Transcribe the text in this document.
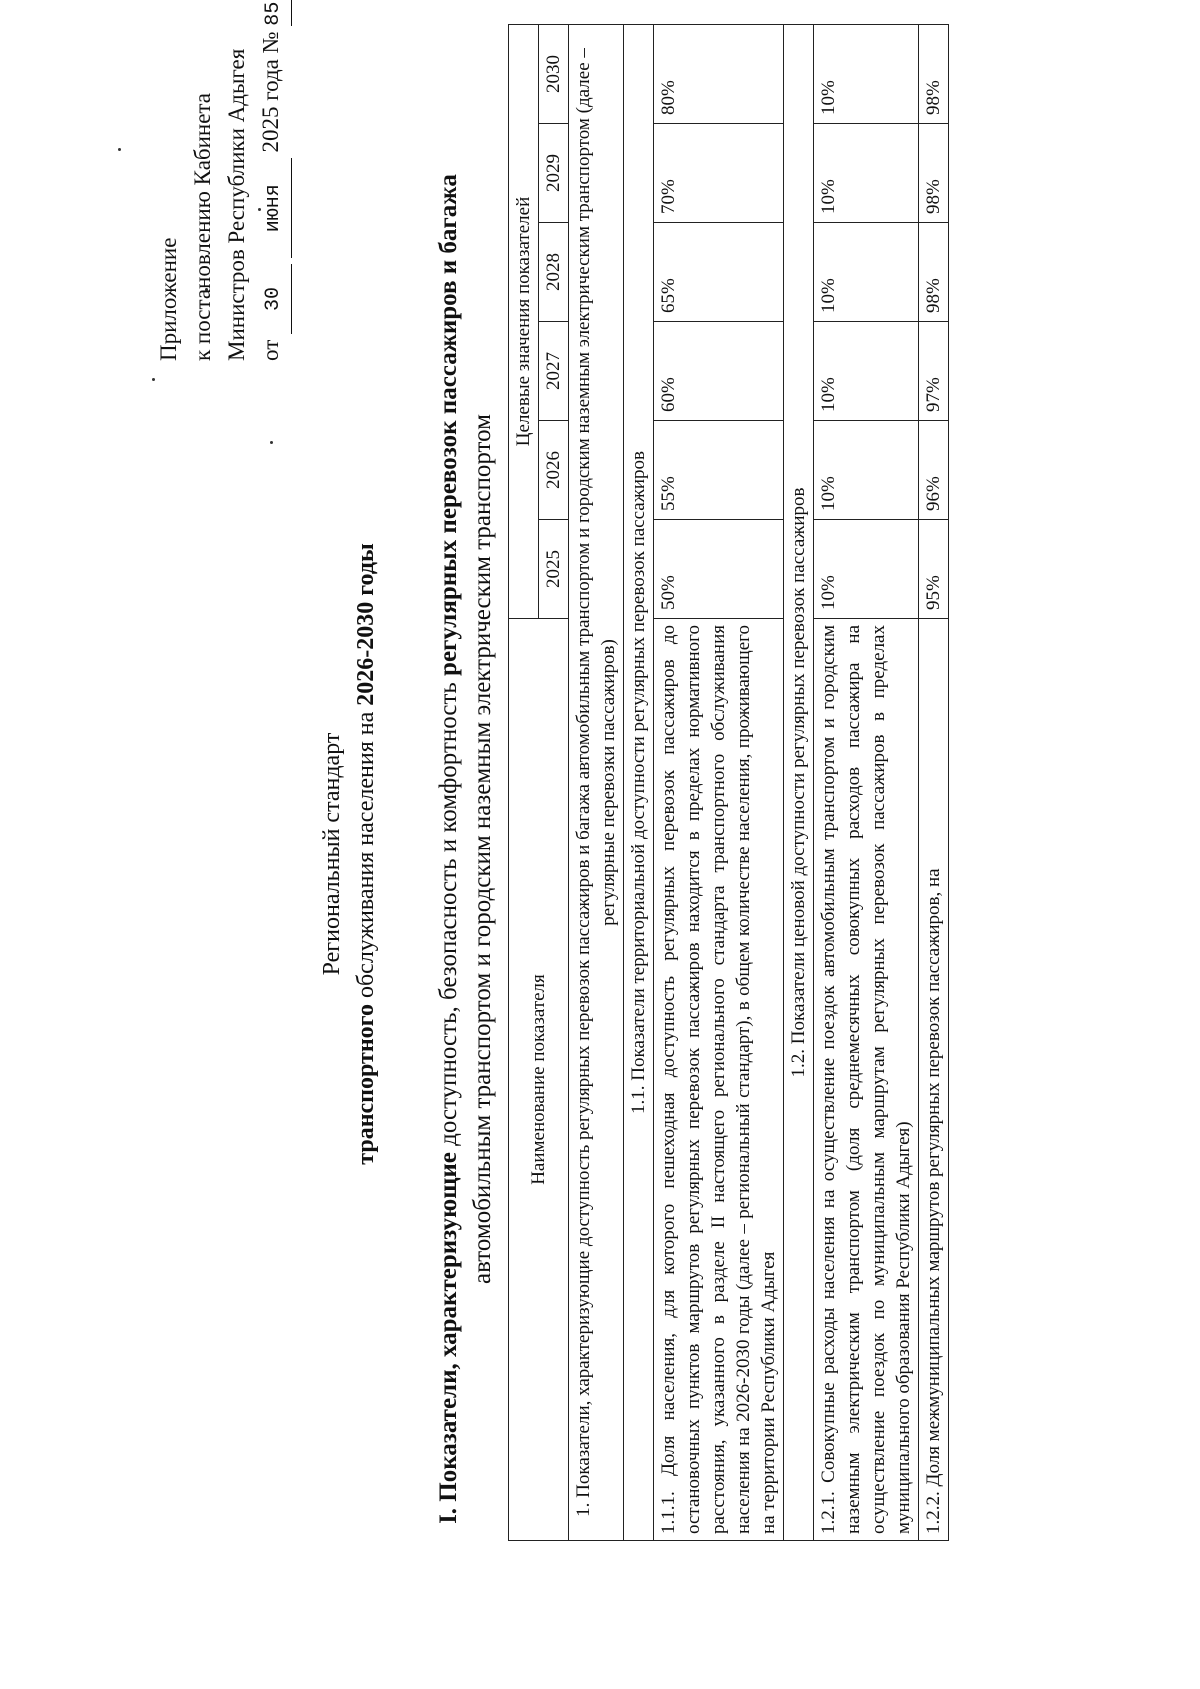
Приложение к постановлению Кабинета Министров Республики Адыгея от 30 июня 2025 года № 85
Региональный стандарт
транспортного обслуживания населения на 2026-2030 годы
I. Показатели, характеризующие доступность, безопасность и комфортность регулярных перевозок пассажиров и багажа автомобильным транспортом и городским наземным электрическим транспортом Наименование показателя	Целевые значения показателей					
	2025	2026	2027	2028	2029	2030
1. Показатели, характеризующие доступность регулярных перевозок пассажиров и багажа автомобильным транспортом и городским наземным электрическим транспортом (далее – регулярные перевозки пассажиров)						
1.1. Показатели территориальной доступности регулярных перевозок пассажиров						
1.1.1. Доля населения, для которого пешеходная доступность регулярных перевозок пассажиров до остановочных пунктов маршрутов регулярных перевозок пассажиров находится в пределах нормативного расстояния, указанного в разделе II настоящего регионального стандарта транспортного обслуживания населения на 2026-2030 годы (далее – региональный стандарт), в общем количестве населения, проживающего на территории Республики Адыгея	50%	55%	60%	65%	70%	80%
1.2. Показатели ценовой доступности регулярных перевозок пассажиров						
1.2.1. Совокупные расходы населения на осуществление поездок автомобильным транспортом и городским наземным электрическим транспортом (доля среднемесячных совокупных расходов пассажира на осуществление поездок по муниципальным маршрутам регулярных перевозок пассажиров в пределах муниципального образования Республики Адыгея)	10%	10%	10%	10%	10%	10%
1.2.2. Доля межмуниципальных маршрутов регулярных перевозок пассажиров, на	95%	96%	97%	98%	98%	98%
